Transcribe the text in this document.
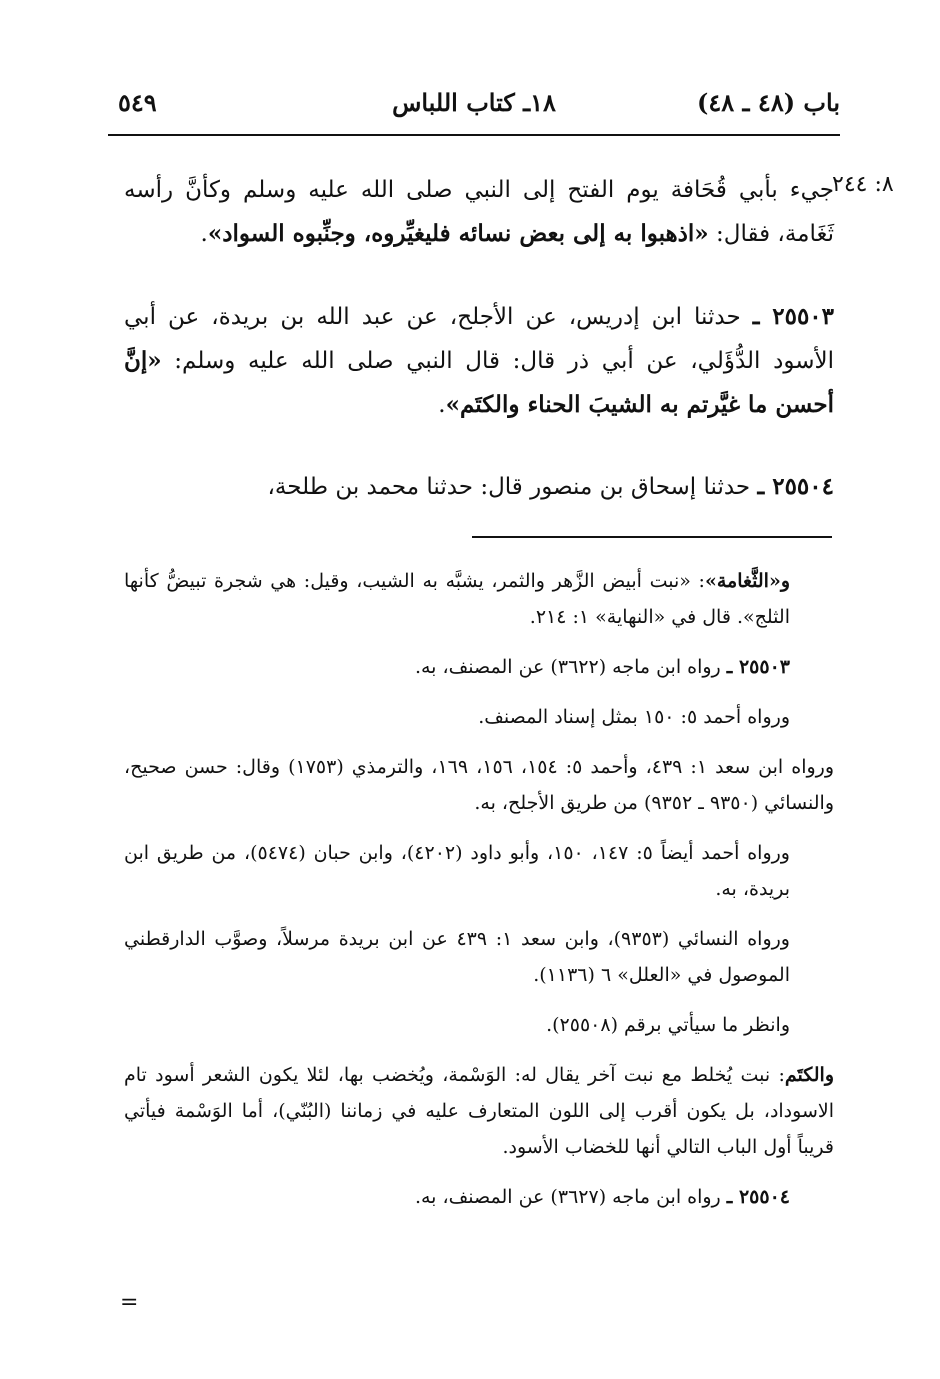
باب (٤٨ ـ ٤٨)
١٨ـ كتاب اللباس
٥٤٩
٨: ٢٤٤

جيء بأبي قُحَافة يوم الفتح إلى النبي صلى الله عليه وسلم وكأنَّ رأسه ثَغَامة، فقال: «اذهبوا به إلى بعض نسائه فليغيِّروه، وجنِّبوه السواد».

٢٥٥٠٣ ـ حدثنا ابن إدريس، عن الأجلح، عن عبد الله بن بريدة، عن أبي الأسود الدُّؤَلي، عن أبي ذر قال: قال النبي صلى الله عليه وسلم: «إنَّ أحسن ما غيَّرتم به الشيبَ الحناء والكتَم».

٢٥٥٠٤ ـ حدثنا إسحاق بن منصور قال: حدثنا محمد بن طلحة،

و«الثَّغامة»: «نبت أبيض الزَّهر والثمر، يشبَّه به الشيب، وقيل: هي شجرة تبيضُّ كأنها الثلج». قال في «النهاية» ١: ٢١٤.

٢٥٥٠٣ ـ رواه ابن ماجه (٣٦٢٢) عن المصنف، به.

ورواه أحمد ٥: ١٥٠ بمثل إسناد المصنف.

ورواه ابن سعد ١: ٤٣٩، وأحمد ٥: ١٥٤، ١٥٦، ١٦٩، والترمذي (١٧٥٣) وقال: حسن صحيح، والنسائي (٩٣٥٠ ـ ٩٣٥٢) من طريق الأجلح، به.

ورواه أحمد أيضاً ٥: ١٤٧، ١٥٠، وأبو داود (٤٢٠٢)، وابن حبان (٥٤٧٤)، من طريق ابن بريدة، به.

ورواه النسائي (٩٣٥٣)، وابن سعد ١: ٤٣٩ عن ابن بريدة مرسلاً، وصوَّب الدارقطني الموصول في «العلل» ٦ (١١٣٦).

وانظر ما سيأتي برقم (٢٥٥٠٨).

والكتَم: نبت يُخلط مع نبت آخر يقال له: الوَسْمة، ويُخضب بها، لئلا يكون الشعر أسود تام الاسوداد، بل يكون أقرب إلى اللون المتعارف عليه في زماننا (البُنّي)، أما الوَسْمة فيأتي قريباً أول الباب التالي أنها للخضاب الأسود.

٢٥٥٠٤ ـ رواه ابن ماجه (٣٦٢٧) عن المصنف، به.

=
